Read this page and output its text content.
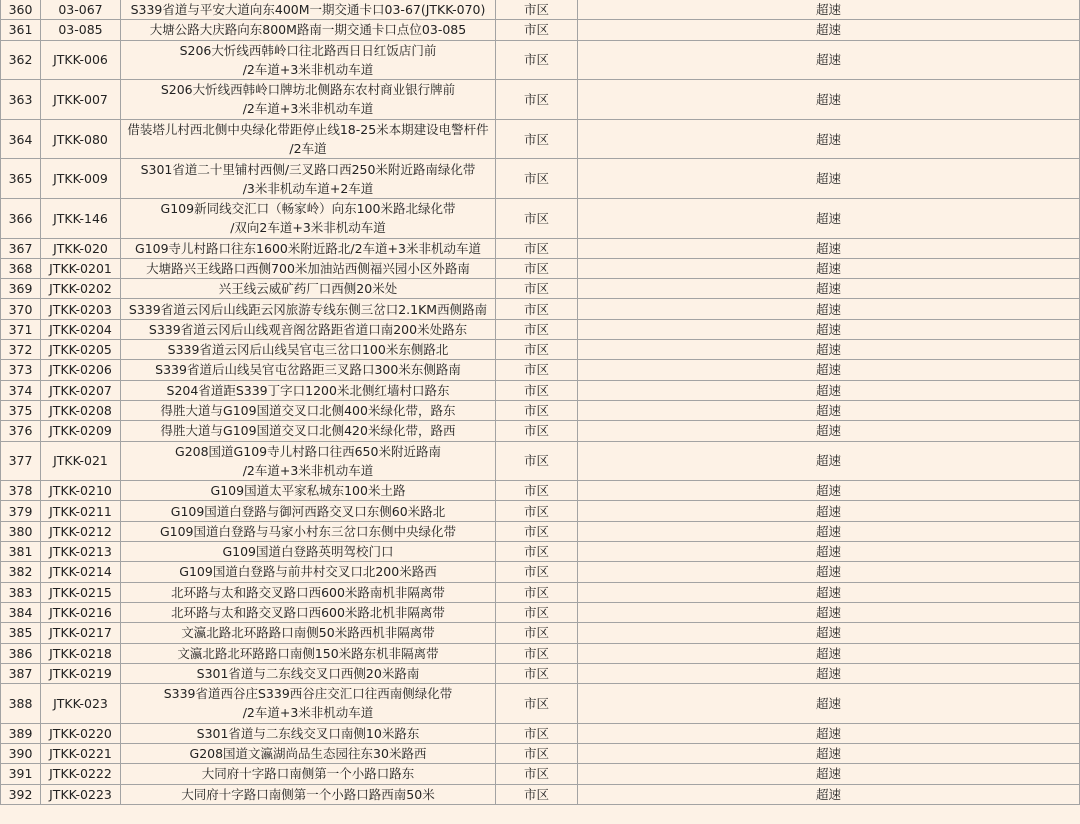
360	03-067	S339省道与平安大道向东400M一期交通卡口03-67(JTKK-070)	市区	超速
361	03-085	大塘公路大庆路向东800M路南一期交通卡口点位03-085	市区	超速
362	JTKK-006	S206大忻线西韩岭口往北路西日日红饭店门前
/2车道+3米非机动车道	市区	超速
363	JTKK-007	S206大忻线西韩岭口牌坊北侧路东农村商业银行牌前
/2车道+3米非机动车道	市区	超速
364	JTKK-080	借装塔儿村西北侧中央绿化带距停止线18-25米本期建设电警杆件
/2车道	市区	超速
365	JTKK-009	S301省道二十里铺村西侧/三叉路口西250米附近路南绿化带
/3米非机动车道+2车道	市区	超速
366	JTKK-146	G109新同线交汇口（畅家岭）向东100米路北绿化带
/双向2车道+3米非机动车道	市区	超速
367	JTKK-020	G109寺儿村路口往东1600米附近路北/2车道+3米非机动车道	市区	超速
368	JTKK-0201	大塘路兴王线路口西侧700米加油站西侧福兴园小区外路南	市区	超速
369	JTKK-0202	兴王线云威矿药厂口西侧20米处	市区	超速
370	JTKK-0203	S339省道云冈后山线距云冈旅游专线东侧三岔口2.1KM西侧路南	市区	超速
371	JTKK-0204	S339省道云冈后山线观音阁岔路距省道口南200米处路东	市区	超速
372	JTKK-0205	S339省道云冈后山线吴官屯三岔口100米东侧路北	市区	超速
373	JTKK-0206	S339省道后山线吴官屯岔路距三叉路口300米东侧路南	市区	超速
374	JTKK-0207	S204省道距S339丁字口1200米北侧红墙村口路东	市区	超速
375	JTKK-0208	得胜大道与G109国道交叉口北侧400米绿化带，路东	市区	超速
376	JTKK-0209	得胜大道与G109国道交叉口北侧420米绿化带，路西	市区	超速
377	JTKK-021	G208国道G109寺儿村路口往西650米附近路南
/2车道+3米非机动车道	市区	超速
378	JTKK-0210	G109国道太平家私城东100米土路	市区	超速
379	JTKK-0211	G109国道白登路与御河西路交叉口东侧60米路北	市区	超速
380	JTKK-0212	G109国道白登路与马家小村东三岔口东侧中央绿化带	市区	超速
381	JTKK-0213	G109国道白登路英明驾校门口	市区	超速
382	JTKK-0214	G109国道白登路与前井村交叉口北200米路西	市区	超速
383	JTKK-0215	北环路与太和路交叉路口西600米路南机非隔离带	市区	超速
384	JTKK-0216	北环路与太和路交叉路口西600米路北机非隔离带	市区	超速
385	JTKK-0217	文瀛北路北环路路口南侧50米路西机非隔离带	市区	超速
386	JTKK-0218	文瀛北路北环路路口南侧150米路东机非隔离带	市区	超速
387	JTKK-0219	S301省道与二东线交叉口西侧20米路南	市区	超速
388	JTKK-023	S339省道西谷庄S339西谷庄交汇口往西南侧绿化带
/2车道+3米非机动车道	市区	超速
389	JTKK-0220	S301省道与二东线交叉口南侧10米路东	市区	超速
390	JTKK-0221	G208国道文瀛湖尚品生态园往东30米路西	市区	超速
391	JTKK-0222	大同府十字路口南侧第一个小路口路东	市区	超速
392	JTKK-0223	大同府十字路口南侧第一个小路口路西南50米	市区	超速
